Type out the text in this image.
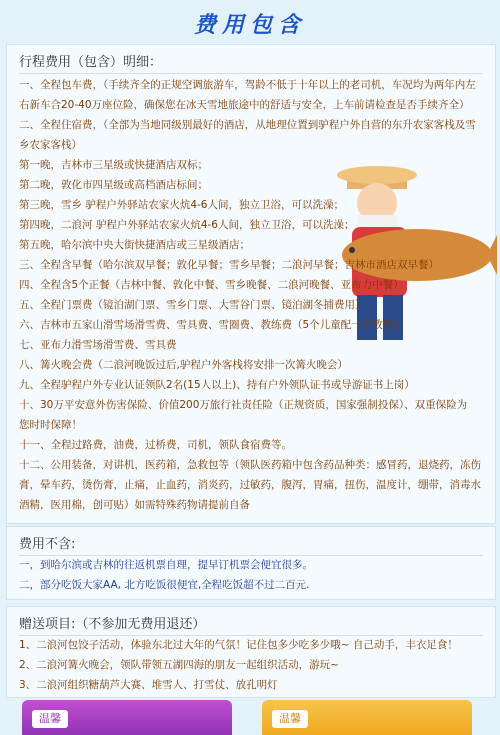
费用包含
行程费用（包含）明细：
一、全程包车费，（手续齐全的正规空调旅游车，驾龄不低于十年以上的老司机，车况均为两年内左
右新车合20-40万座位险，确保您在冰天雪地旅途中的舒适与安全，上车前请检查是否手续齐全）
二、全程住宿费，（全部为当地同级别最好的酒店，从地理位置到驴程户外自营的东升农家客栈及雪
乡农家客栈）
第一晚，吉林市三星级或快捷酒店双标；
第二晚，敦化市四星级或高档酒店标间；
第三晚，雪乡 驴程户外驿站农家火炕4-6人间，独立卫浴，可以洗澡；
第四晚，二浪河 驴程户外驿站农家火炕4-6人间，独立卫浴，可以洗澡；
第五晚，哈尔滨中央大街快捷酒店或三星级酒店；
三、全程含早餐（哈尔滨双早餐；敦化早餐；雪乡早餐；二浪河早餐；吉林市酒店双早餐）
四、全程含5个正餐（吉林中餐、敦化中餐、雪乡晚餐、二浪河晚餐、亚布力中餐）
五、全程门票费（镜泊湖门票、雪乡门票、大雪谷门票、镜泊湖冬捕费用）
六、吉林市五家山滑雪场滑雪费、雪具费、雪圈费、教练费（5个儿童配一个教练）
七、亚布力滑雪场滑雪费、雪具费
八、篝火晚会费（二浪河晚饭过后,驴程户外客栈将安排一次篝火晚会）
九、全程驴程户外专业认证领队2名(15人以上)、持有户外领队证书或导游证书上岗）
十、30万平安意外伤害保险、价值200万旅行社责任险（正规资质，国家强制投保）、双重保险为
您时时保障！
十一、全程过路费，油费，过桥费，司机，领队食宿费等。
十二、公用装备，对讲机，医药箱，急救包等（领队医药箱中包含药品种类：感冒药，退烧药，冻伤
膏，晕车药，烫伤膏，止痛，止血药，消炎药，过敏药，腹泻，胃痛，扭伤，温度计，绷带，消毒水
酒精，医用棉，创可贴）如需特殊药物请提前自备
费用不含:
一，到哈尔滨或吉林的往返机票自理，提早订机票会便宜很多。
二，部分吃饭大家AA, 北方吃饭很便宜,全程吃饭超不过二百元.
赠送项目:（不参加无费用退还）
1、二浪河包饺子活动，体验东北过大年的气氛！记住包多少吃多少哦~ 自己动手，丰衣足食！
2、二浪河篝火晚会，领队带领五湖四海的朋友一起组织活动，游玩~
3、二浪河组织糖葫芦大赛、堆雪人、打雪仗、放孔明灯
温馨	温馨
